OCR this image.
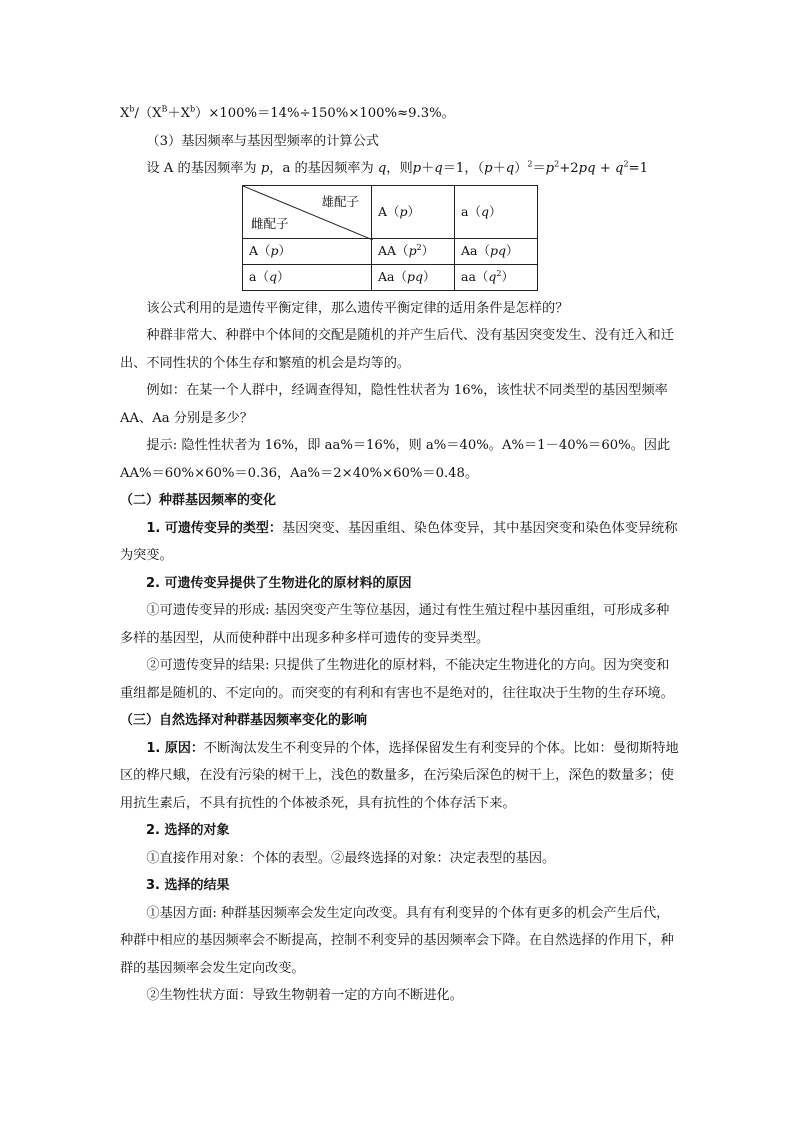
$X^b/(X^B+X^b)\times 100\%=14\%\div 150\%\times 100\%\approx 9.3\%$。

（3）基因频率与基因型频率的计算公式

设 A 的基因频率为 p，a 的基因频率为 q，则p＋q＝1，$(p+q)^2=p^2+2pq + q^2=1$

雄配子
雌配子	A（p）	a（q）
A（p）	$AA(p^2)$	Aa（pq）
a（q）	Aa（pq）	$aa(q^2)$

该公式利用的是遗传平衡定律，那么遗传平衡定律的适用条件是怎样的？

种群非常大、种群中个体间的交配是随机的并产生后代、没有基因突变发生、没有迁入和迁出、不同性状的个体生存和繁殖的机会是均等的。

例如：在某一个人群中，经调查得知，隐性性状者为 16%，该性状不同类型的基因型频率 AA、Aa 分别是多少？

提示: 隐性性状者为 16%，即 aa%＝16%，则 a%＝40%。A%＝1－40%＝60%。因此 AA%＝60%×60%＝0.36，Aa%＝2×40%×60%＝0.48。

（二）种群基因频率的变化

1. 可遗传变异的类型：基因突变、基因重组、染色体变异，其中基因突变和染色体变异统称为突变。

2. 可遗传变异提供了生物进化的原材料的原因

①可遗传变异的形成: 基因突变产生等位基因，通过有性生殖过程中基因重组，可形成多种多样的基因型，从而使种群中出现多种多样可遗传的变异类型。

②可遗传变异的结果: 只提供了生物进化的原材料，不能决定生物进化的方向。因为突变和重组都是随机的、不定向的。而突变的有利和有害也不是绝对的，往往取决于生物的生存环境。

（三）自然选择对种群基因频率变化的影响

1. 原因：不断淘汰发生不利变异的个体，选择保留发生有利变异的个体。比如：曼彻斯特地区的桦尺蛾，在没有污染的树干上，浅色的数量多，在污染后深色的树干上，深色的数量多；使用抗生素后，不具有抗性的个体被杀死，具有抗性的个体存活下来。

2. 选择的对象

①直接作用对象：个体的表型。②最终选择的对象：决定表型的基因。

3. 选择的结果

①基因方面: 种群基因频率会发生定向改变。具有有利变异的个体有更多的机会产生后代，种群中相应的基因频率会不断提高，控制不利变异的基因频率会下降。在自然选择的作用下，种群的基因频率会发生定向改变。

②生物性状方面：导致生物朝着一定的方向不断进化。
